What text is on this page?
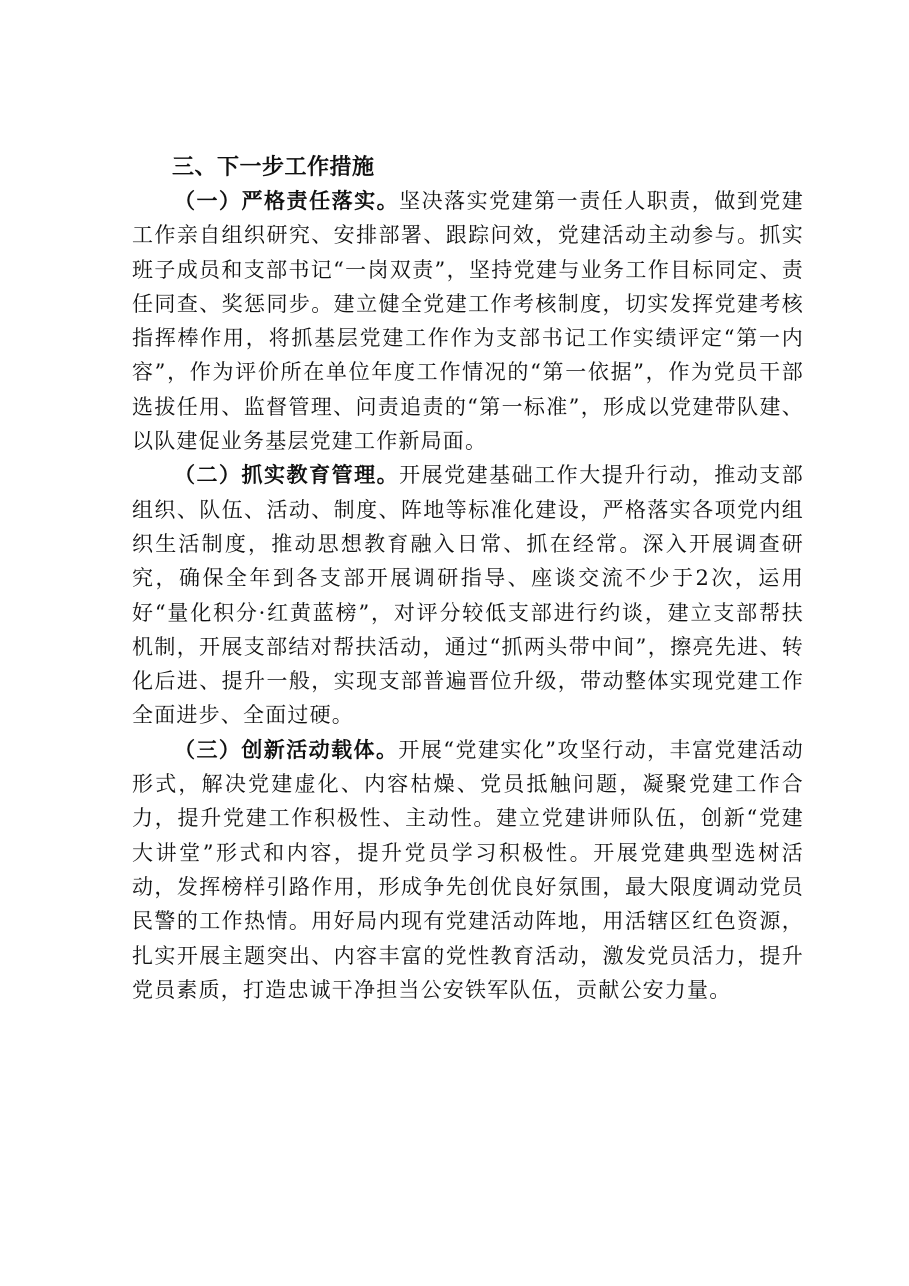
三、下一步工作措施

（一）严格责任落实。坚决落实党建第一责任人职责，做到党建工作亲自组织研究、安排部署、跟踪问效，党建活动主动参与。抓实班子成员和支部书记“一岗双责”，坚持党建与业务工作目标同定、责任同查、奖惩同步。建立健全党建工作考核制度，切实发挥党建考核指挥棒作用，将抓基层党建工作作为支部书记工作实绩评定“第一内容”，作为评价所在单位年度工作情况的“第一依据”，作为党员干部选拔任用、监督管理、问责追责的“第一标准”，形成以党建带队建、以队建促业务基层党建工作新局面。

（二）抓实教育管理。开展党建基础工作大提升行动，推动支部组织、队伍、活动、制度、阵地等标准化建设，严格落实各项党内组织生活制度，推动思想教育融入日常、抓在经常。深入开展调查研究，确保全年到各支部开展调研指导、座谈交流不少于2次，运用好“量化积分·红黄蓝榜”，对评分较低支部进行约谈，建立支部帮扶机制，开展支部结对帮扶活动，通过“抓两头带中间”，擦亮先进、转化后进、提升一般，实现支部普遍晋位升级，带动整体实现党建工作全面进步、全面过硬。

（三）创新活动载体。开展“党建实化”攻坚行动，丰富党建活动形式，解决党建虚化、内容枯燥、党员抵触问题，凝聚党建工作合力，提升党建工作积极性、主动性。建立党建讲师队伍，创新“党建大讲堂”形式和内容，提升党员学习积极性。开展党建典型选树活动，发挥榜样引路作用，形成争先创优良好氛围，最大限度调动党员民警的工作热情。用好局内现有党建活动阵地，用活辖区红色资源，扎实开展主题突出、内容丰富的党性教育活动，激发党员活力，提升党员素质，打造忠诚干净担当公安铁军队伍，贡献公安力量。
